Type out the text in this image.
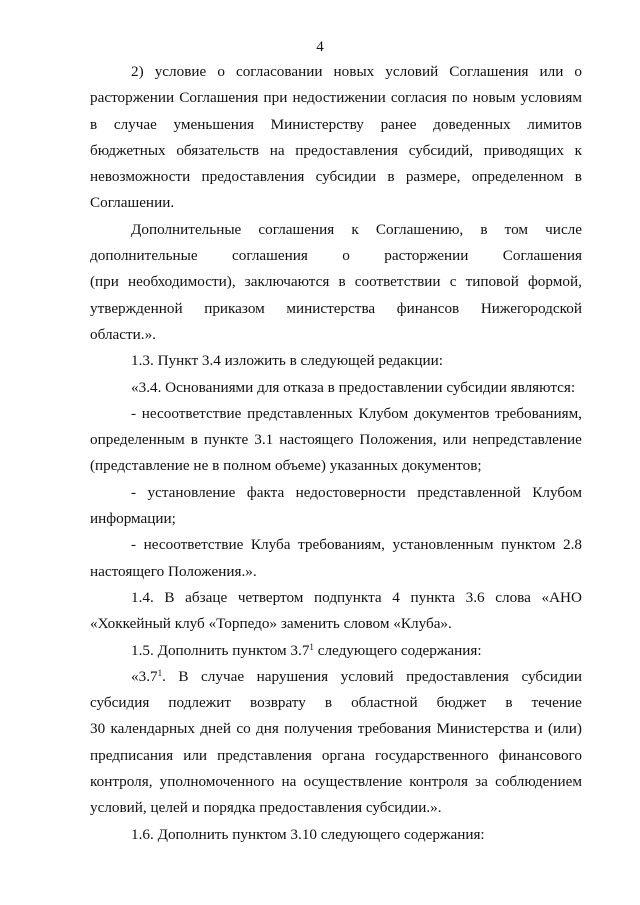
4
2) условие о согласовании новых условий Соглашения или о
расторжении Соглашения при недостижении согласия по новым условиям
в случае уменьшения Министерству ранее доведенных лимитов
бюджетных обязательств на предоставления субсидий, приводящих к
невозможности предоставления субсидии в размере, определенном в
Соглашении.
Дополнительные соглашения к Соглашению, в том числе
дополнительные соглашения о расторжении Соглашения
(при необходимости), заключаются в соответствии с типовой формой,
утвержденной приказом министерства финансов Нижегородской
области.».
1.3. Пункт 3.4 изложить в следующей редакции:
«3.4. Основаниями для отказа в предоставлении субсидии являются:
- несоответствие представленных Клубом документов требованиям,
определенным в пункте 3.1 настоящего Положения, или непредставление
(представление не в полном объеме) указанных документов;
- установление факта недостоверности представленной Клубом
информации;
- несоответствие Клуба требованиям, установленным пунктом 2.8
настоящего Положения.».
1.4. В абзаце четвертом подпункта 4 пункта 3.6 слова «АНО
«Хоккейный клуб «Торпедо» заменить словом «Клуба».
1.5. Дополнить пунктом $3.7^1$ следующего содержания:
«$3.7^1$. В случае нарушения условий предоставления субсидии
субсидия подлежит возврату в областной бюджет в течение
30 календарных дней со дня получения требования Министерства и (или)
предписания или представления органа государственного финансового
контроля, уполномоченного на осуществление контроля за соблюдением
условий, целей и порядка предоставления субсидии.».
1.6. Дополнить пунктом 3.10 следующего содержания:
